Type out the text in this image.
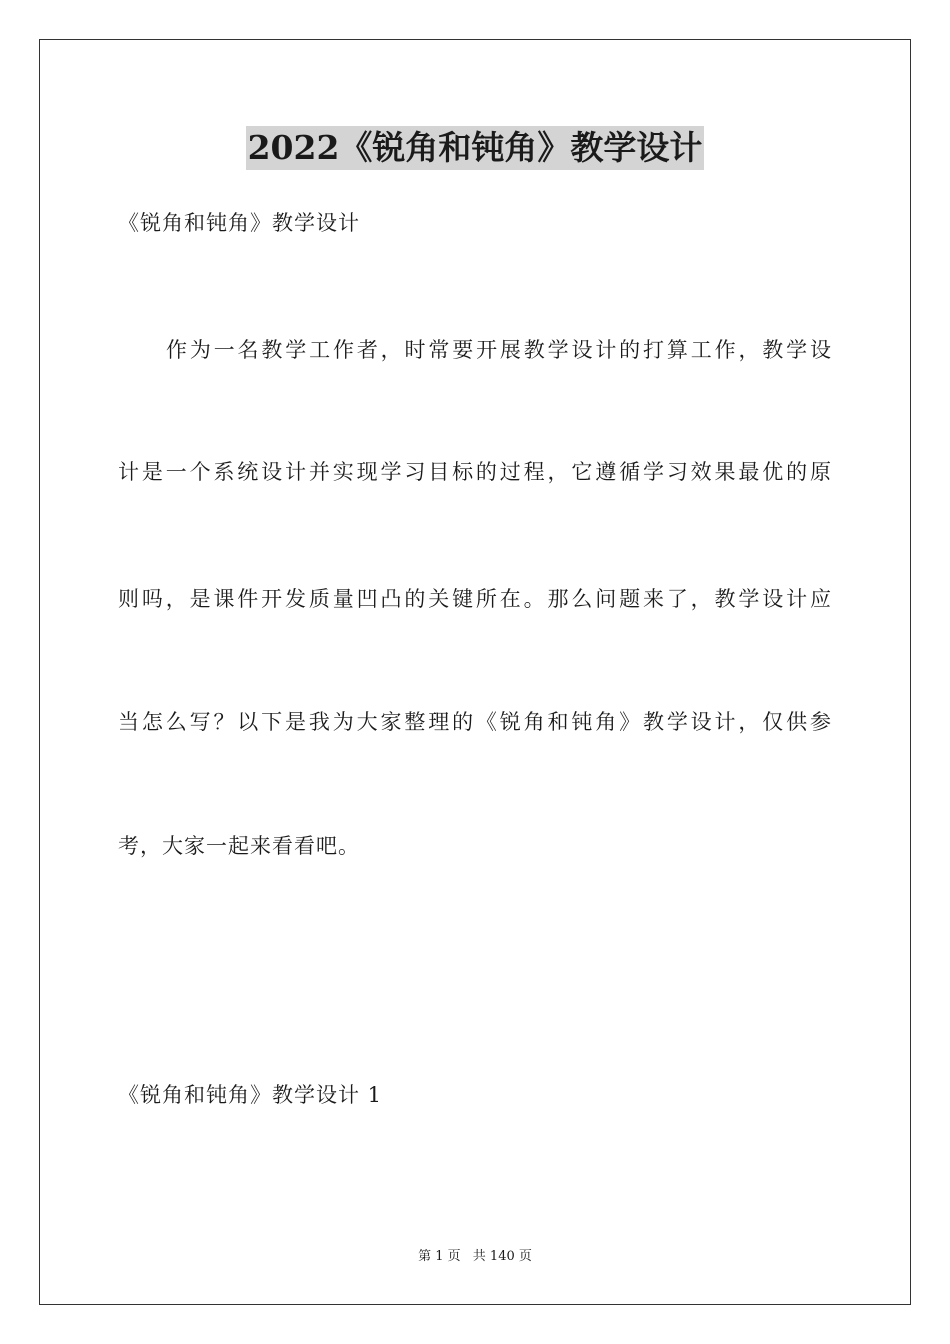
2022《锐角和钝角》教学设计
《锐角和钝角》教学设计
作为一名教学工作者，时常要开展教学设计的打算工作，教学设
计是一个系统设计并实现学习目标的过程，它遵循学习效果最优的原
则吗，是课件开发质量凹凸的关键所在。那么问题来了，教学设计应
当怎么写？以下是我为大家整理的《锐角和钝角》教学设计，仅供参
考，大家一起来看看吧。
《锐角和钝角》教学设计 1
第 1 页 共 140 页
